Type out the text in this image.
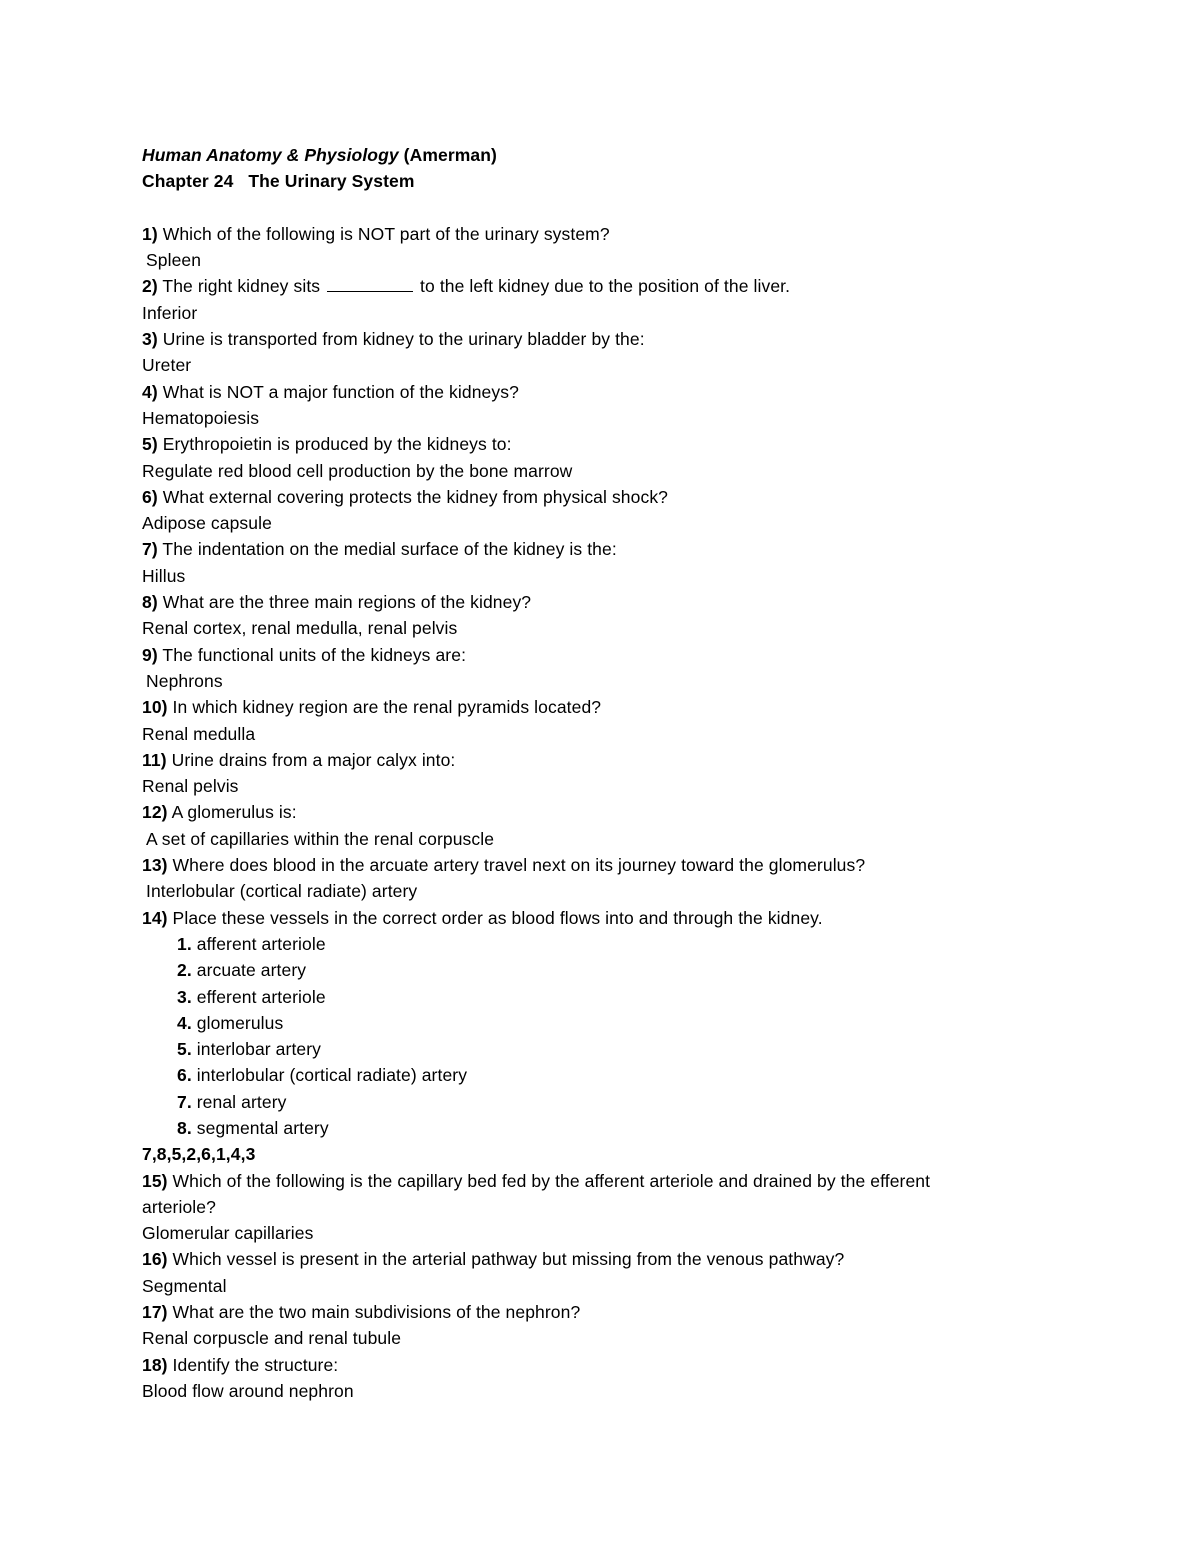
Human Anatomy & Physiology (Amerman)
Chapter 24 The Urinary System
1) Which of the following is NOT part of the urinary system?
Spleen
2) The right kidney sits	to the left kidney due to the position of the liver.
Inferior
3) Urine is transported from kidney to the urinary bladder by the:
Ureter
4) What is NOT a major function of the kidneys?
Hematopoiesis
5) Erythropoietin is produced by the kidneys to:
Regulate red blood cell production by the bone marrow
6) What external covering protects the kidney from physical shock?
Adipose capsule
7) The indentation on the medial surface of the kidney is the:
Hillus
8) What are the three main regions of the kidney?
Renal cortex, renal medulla, renal pelvis
9) The functional units of the kidneys are:
Nephrons
10) In which kidney region are the renal pyramids located?
Renal medulla
11) Urine drains from a major calyx into:
Renal pelvis
12) A glomerulus is:
A set of capillaries within the renal corpuscle
13) Where does blood in the arcuate artery travel next on its journey toward the glomerulus?
Interlobular (cortical radiate) artery
14) Place these vessels in the correct order as blood flows into and through the kidney.
1. afferent arteriole
2. arcuate artery
3. efferent arteriole
4. glomerulus
5. interlobar artery
6. interlobular (cortical radiate) artery
7. renal artery
8. segmental artery
7,8,5,2,6,1,4,3
15) Which of the following is the capillary bed fed by the afferent arteriole and drained by the efferent
arteriole?
Glomerular capillaries
16) Which vessel is present in the arterial pathway but missing from the venous pathway?
Segmental
17) What are the two main subdivisions of the nephron?
Renal corpuscle and renal tubule
18) Identify the structure:
Blood flow around nephron
